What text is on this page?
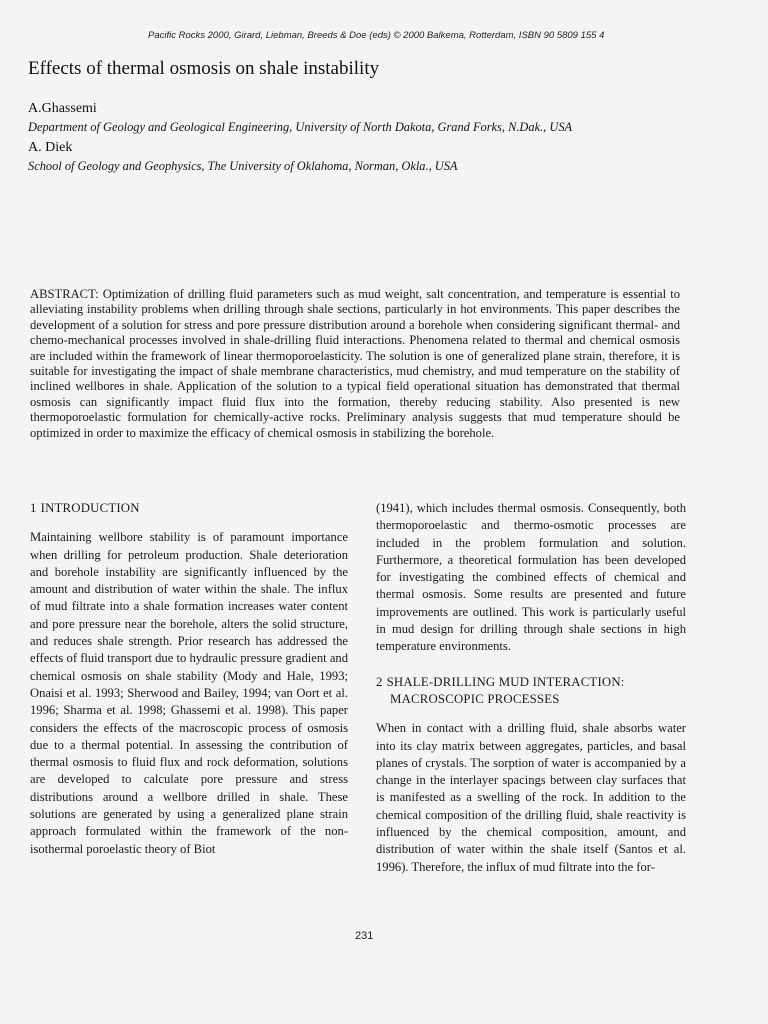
Pacific Rocks 2000, Girard, Liebman, Breeds & Doe (eds) © 2000 Balkema, Rotterdam, ISBN 90 5809 155 4
Effects of thermal osmosis on shale instability
A.Ghassemi
Department of Geology and Geological Engineering, University of North Dakota, Grand Forks, N.Dak., USA
A. Diek
School of Geology and Geophysics, The University of Oklahoma, Norman, Okla., USA

ABSTRACT: Optimization of drilling fluid parameters such as mud weight, salt concentration, and temperature is essential to alleviating instability problems when drilling through shale sections, particularly in hot environments. This paper describes the development of a solution for stress and pore pressure distribution around a borehole when considering significant thermal- and chemo-mechanical processes involved in shale-drilling fluid interactions. Phenomena related to thermal and chemical osmosis are included within the framework of linear thermoporoelasticity. The solution is one of generalized plane strain, therefore, it is suitable for investigating the impact of shale membrane characteristics, mud chemistry, and mud temperature on the stability of inclined wellbores in shale. Application of the solution to a typical field operational situation has demonstrated that thermal osmosis can significantly impact fluid flux into the formation, thereby reducing stability. Also presented is new thermoporoelastic formulation for chemically-active rocks. Preliminary analysis suggests that mud temperature should be optimized in order to maximize the efficacy of chemical osmosis in stabilizing the borehole.

1 INTRODUCTION

Maintaining wellbore stability is of paramount importance when drilling for petroleum production. Shale deterioration and borehole instability are significantly influenced by the amount and distribution of water within the shale. The influx of mud filtrate into a shale formation increases water content and pore pressure near the borehole, alters the solid structure, and reduces shale strength. Prior research has addressed the effects of fluid transport due to hydraulic pressure gradient and chemical osmosis on shale stability (Mody and Hale, 1993; Onaisi et al. 1993; Sherwood and Bailey, 1994; van Oort et al. 1996; Sharma et al. 1998; Ghassemi et al. 1998). This paper considers the effects of the macroscopic process of osmosis due to a thermal potential. In assessing the contribution of thermal osmosis to fluid flux and rock deformation, solutions are developed to calculate pore pressure and stress distributions around a wellbore drilled in shale. These solutions are generated by using a generalized plane strain approach formulated within the framework of the non-isothermal poroelastic theory of Biot

(1941), which includes thermal osmosis. Consequently, both thermoporoelastic and thermo-osmotic processes are included in the problem formulation and solution. Furthermore, a theoretical formulation has been developed for investigating the combined effects of chemical and thermal osmosis. Some results are presented and future improvements are outlined. This work is particularly useful in mud design for drilling through shale sections in high temperature environments.

2 SHALE-DRILLING MUD INTERACTION:
MACROSCOPIC PROCESSES

When in contact with a drilling fluid, shale absorbs water into its clay matrix between aggregates, particles, and basal planes of crystals. The sorption of water is accompanied by a change in the interlayer spacings between clay surfaces that is manifested as a swelling of the rock. In addition to the chemical composition of the drilling fluid, shale reactivity is influenced by the chemical composition, amount, and distribution of water within the shale itself (Santos et al. 1996). Therefore, the influx of mud filtrate into the for-

231
